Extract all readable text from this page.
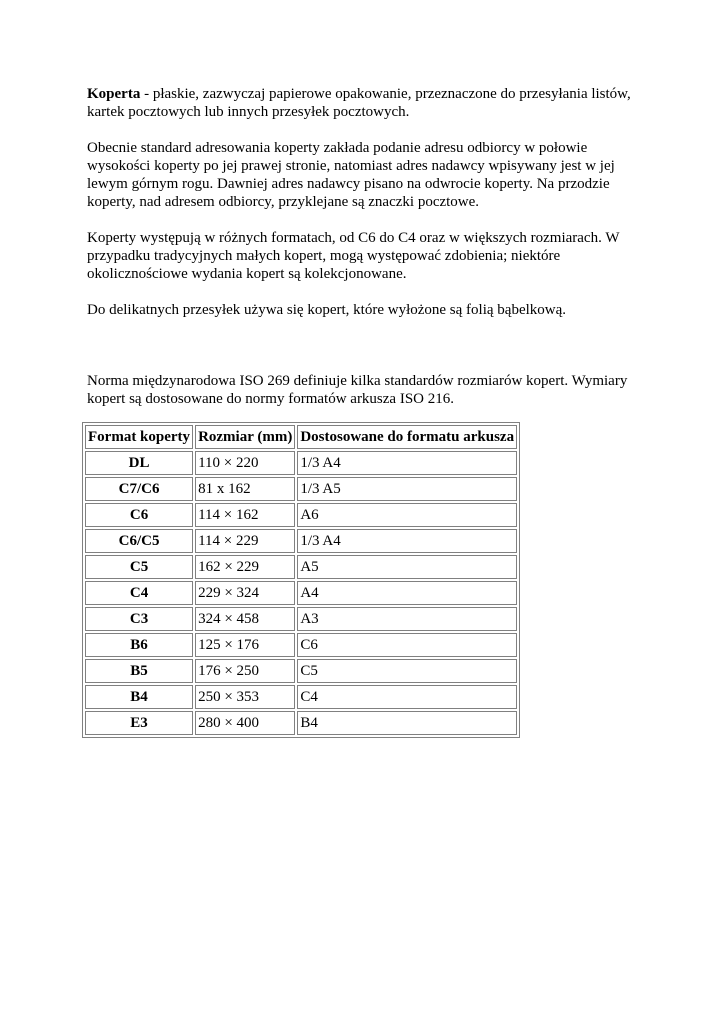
Koperta - płaskie, zazwyczaj papierowe opakowanie, przeznaczone do przesyłania listów, kartek pocztowych lub innych przesyłek pocztowych.

Obecnie standard adresowania koperty zakłada podanie adresu odbiorcy w połowie wysokości koperty po jej prawej stronie, natomiast adres nadawcy wpisywany jest w jej lewym górnym rogu. Dawniej adres nadawcy pisano na odwrocie koperty. Na przodzie koperty, nad adresem odbiorcy, przyklejane są znaczki pocztowe.

Koperty występują w różnych formatach, od C6 do C4 oraz w większych rozmiarach. W przypadku tradycyjnych małych kopert, mogą występować zdobienia; niektóre okolicznościowe wydania kopert są kolekcjonowane.

Do delikatnych przesyłek używa się kopert, które wyłożone są folią bąbelkową.

Norma międzynarodowa ISO 269 definiuje kilka standardów rozmiarów kopert. Wymiary kopert są dostosowane do normy formatów arkusza ISO 216.

Format koperty	Rozmiar (mm)	Dostosowane do formatu arkusza
DL	110 × 220	1/3 A4
C7/C6	81 x 162	1/3 A5
C6	114 × 162	A6
C6/C5	114 × 229	1/3 A4
C5	162 × 229	A5
C4	229 × 324	A4
C3	324 × 458	A3
B6	125 × 176	C6
B5	176 × 250	C5
B4	250 × 353	C4
E3	280 × 400	B4
